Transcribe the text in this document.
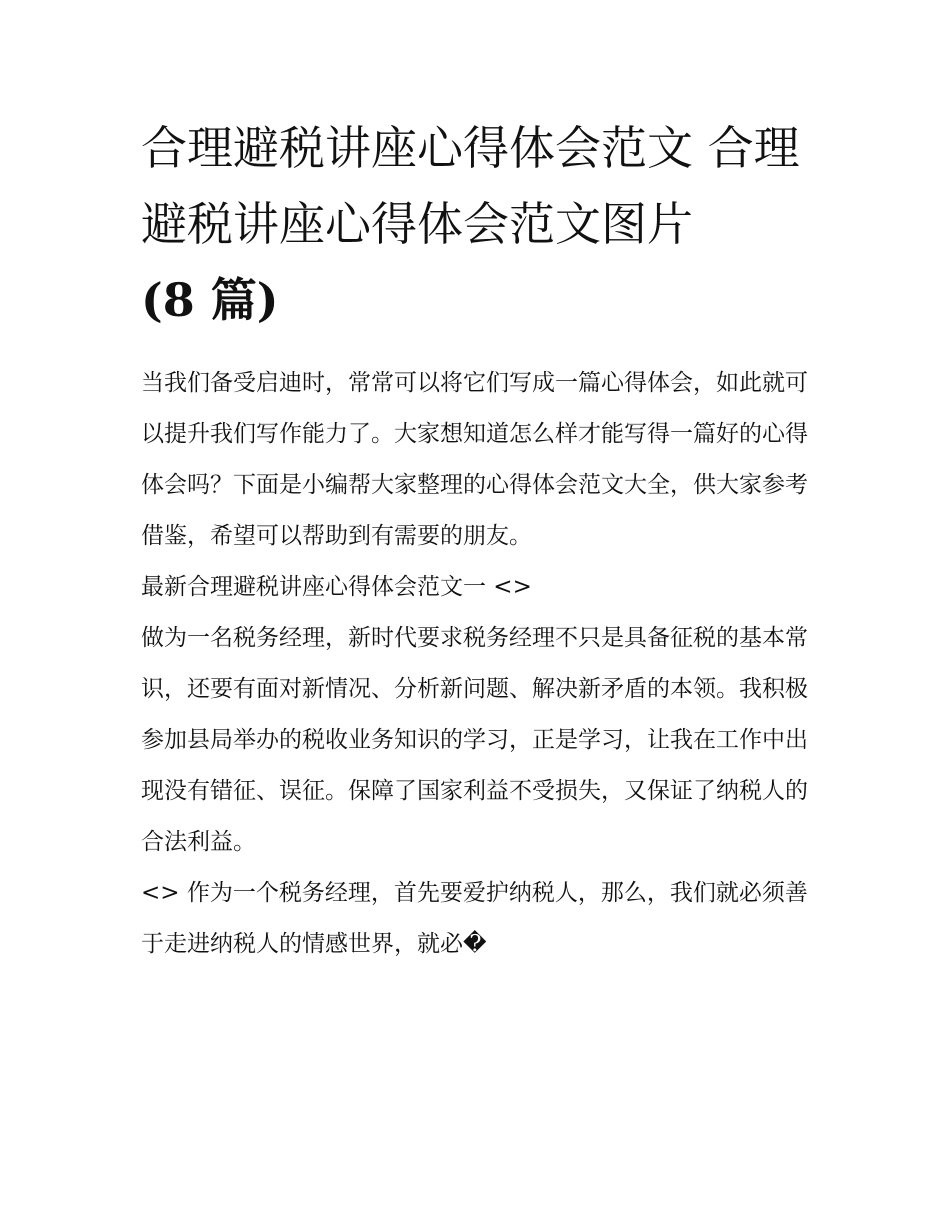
合理避税讲座心得体会范文 合理避税讲座心得体会范文图片
(8 篇)

当我们备受启迪时，常常可以将它们写成一篇心得体会，如此就可以提升我们写作能力了。大家想知道怎么样才能写得一篇好的心得体会吗？下面是小编帮大家整理的心得体会范文大全，供大家参考借鉴，希望可以帮助到有需要的朋友。

最新合理避税讲座心得体会范文一 <>

做为一名税务经理，新时代要求税务经理不只是具备征税的基本常识，还要有面对新情况、分析新问题、解决新矛盾的本领。我积极参加县局举办的税收业务知识的学习，正是学习，让我在工作中出现没有错征、误征。保障了国家利益不受损失，又保证了纳税人的合法利益。

<> 作为一个税务经理，首先要爱护纳税人，那么，我们就必须善于走进纳税人的情感世界，就必�
